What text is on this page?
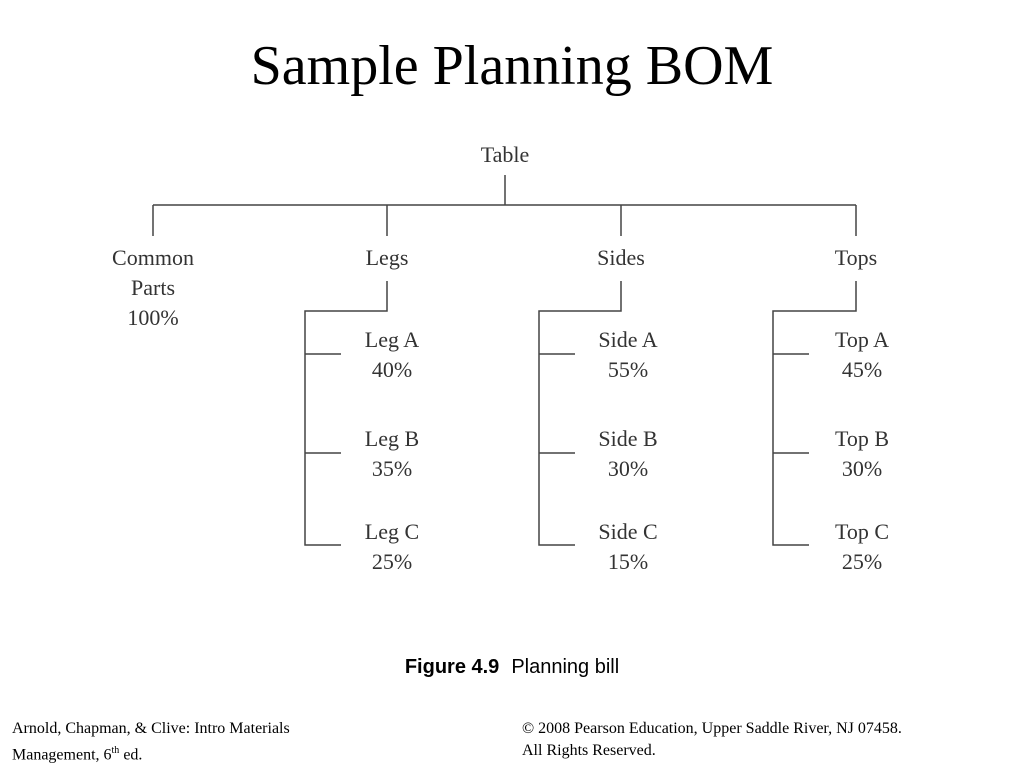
Sample Planning BOM
Table
Common
Parts
100%
Legs	Sides	Tops
Leg A
40%
Leg B
35%
Leg C
25%
Side A
55%
Side B
30%
Side C
15%
Top A
45%
Top B
30%
Top C
25%
Figure 4.9 Planning bill
Arnold, Chapman, & Clive: Intro Materials
Management, 6th ed.
© 2008 Pearson Education, Upper Saddle River, NJ 07458.
All Rights Reserved.
